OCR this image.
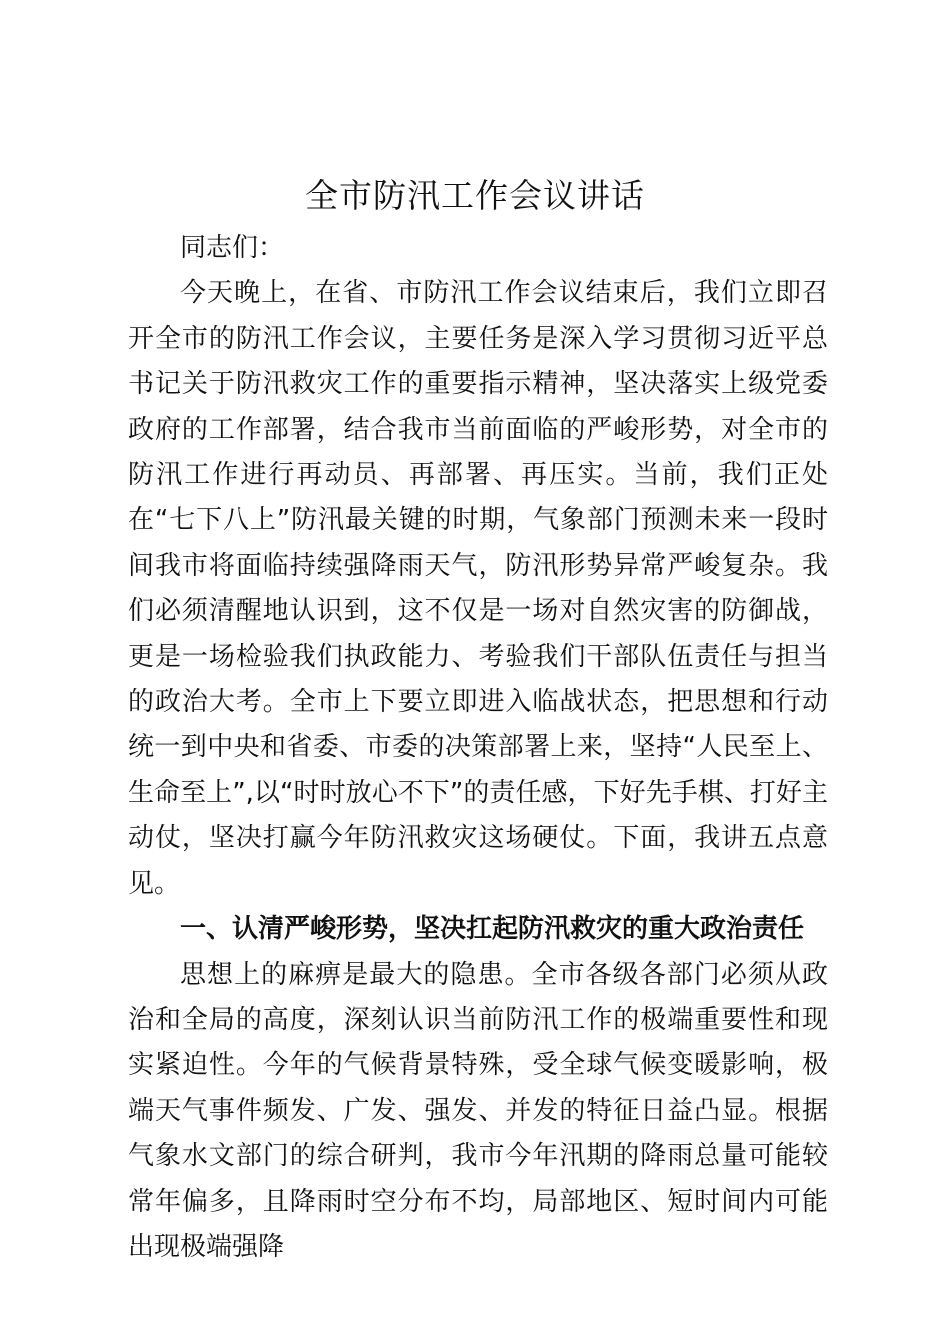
全市防汛工作会议讲话

同志们：

今天晚上，在省、市防汛工作会议结束后，我们立即召开全市的防汛工作会议，主要任务是深入学习贯彻习近平总书记关于防汛救灾工作的重要指示精神，坚决落实上级党委政府的工作部署，结合我市当前面临的严峻形势，对全市的防汛工作进行再动员、再部署、再压实。当前，我们正处在“七下八上”防汛最关键的时期，气象部门预测未来一段时间我市将面临持续强降雨天气，防汛形势异常严峻复杂。我们必须清醒地认识到，这不仅是一场对自然灾害的防御战，更是一场检验我们执政能力、考验我们干部队伍责任与担当的政治大考。全市上下要立即进入临战状态，把思想和行动统一到中央和省委、市委的决策部署上来，坚持“人民至上、生命至上”,以“时时放心不下”的责任感，下好先手棋、打好主动仗，坚决打赢今年防汛救灾这场硬仗。下面，我讲五点意见。

一、认清严峻形势，坚决扛起防汛救灾的重大政治责任

思想上的麻痹是最大的隐患。全市各级各部门必须从政治和全局的高度，深刻认识当前防汛工作的极端重要性和现实紧迫性。今年的气候背景特殊，受全球气候变暖影响，极端天气事件频发、广发、强发、并发的特征日益凸显。根据气象水文部门的综合研判，我市今年汛期的降雨总量可能较常年偏多，且降雨时空分布不均，局部地区、短时间内可能出现极端强降
